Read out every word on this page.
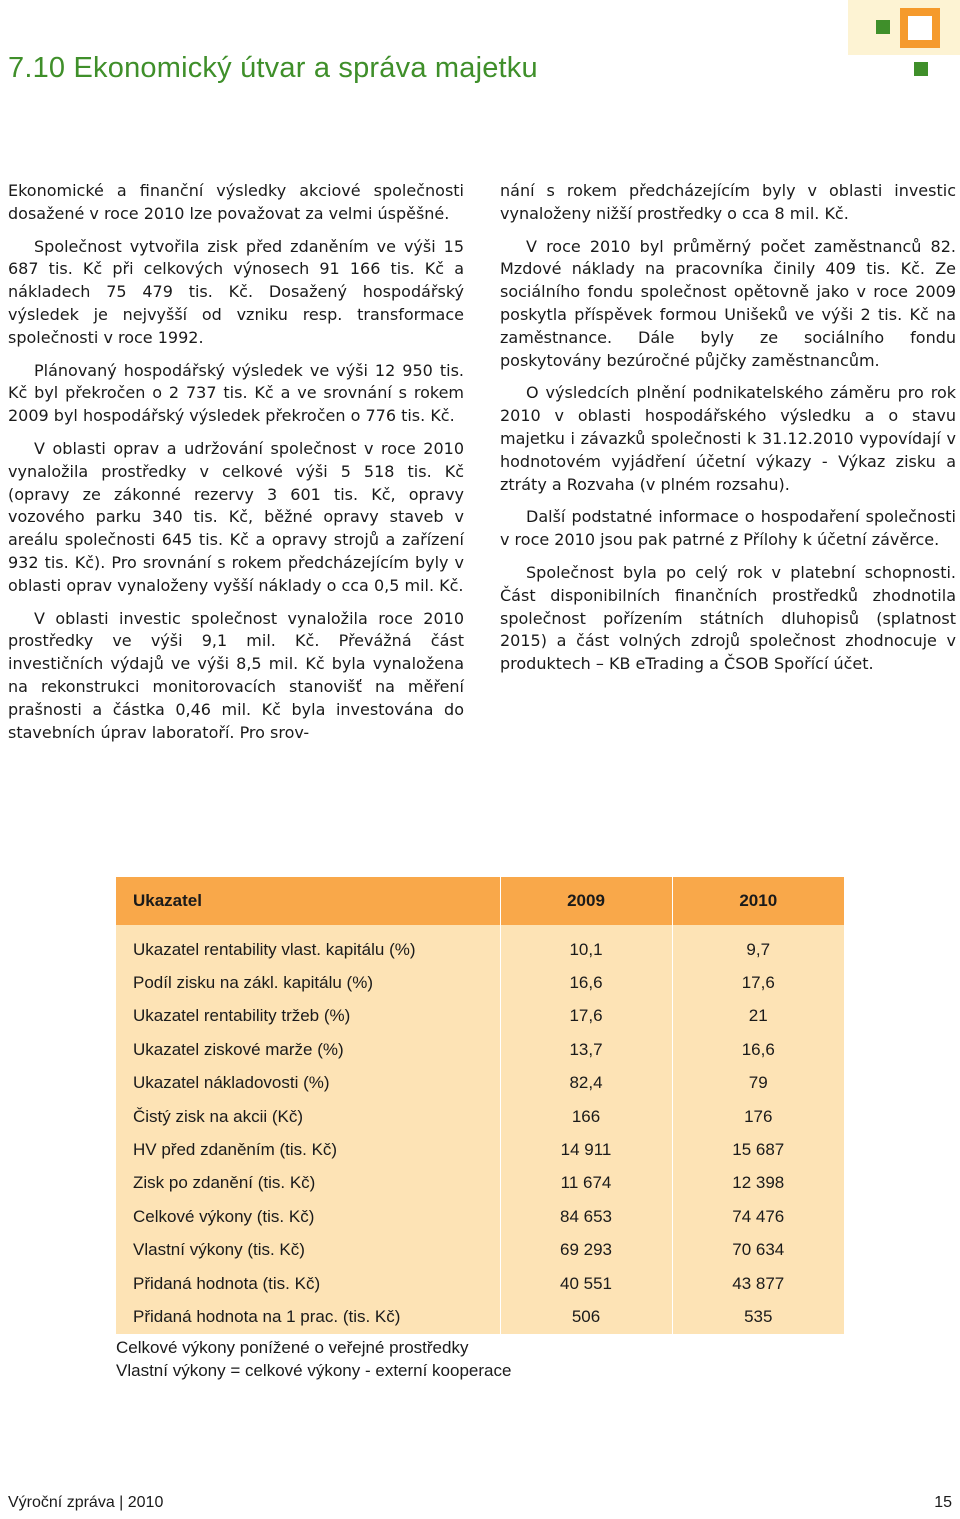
7.10 Ekonomický útvar a správa majetku

Ekonomické a finanční výsledky akciové společnosti dosažené v roce 2010 lze považovat za velmi úspěšné.

Společnost vytvořila zisk před zdaněním ve výši 15 687 tis. Kč při celkových výnosech 91 166 tis. Kč a nákladech 75 479 tis. Kč. Dosažený hospodářský výsledek je nejvyšší od vzniku resp. transformace společnosti v roce 1992.

Plánovaný hospodářský výsledek ve výši 12 950 tis. Kč byl překročen o 2 737 tis. Kč a ve srovnání s rokem 2009 byl hospodářský výsledek překročen o 776 tis. Kč.

V oblasti oprav a udržování společnost v roce 2010 vynaložila prostředky v celkové výši 5 518 tis. Kč (opravy ze zákonné rezervy 3 601 tis. Kč, opravy vozového parku 340 tis. Kč, běžné opravy staveb v areálu společnosti 645 tis. Kč a opravy strojů a zařízení 932 tis. Kč). Pro srovnání s rokem předcházejícím byly v oblasti oprav vynaloženy vyšší náklady o cca 0,5 mil. Kč.

V oblasti investic společnost vynaložila roce 2010 prostředky ve výši 9,1 mil. Kč. Převážná část investičních výdajů ve výši 8,5 mil. Kč byla vynaložena na rekonstrukci monitorovacích stanovišť na měření prašnosti a částka 0,46 mil. Kč byla investována do stavebních úprav laboratoří. Pro srov-

nání s rokem předcházejícím byly v oblasti investic vynaloženy nižší prostředky o cca 8 mil. Kč.

V roce 2010 byl průměrný počet zaměstnanců 82. Mzdové náklady na pracovníka činily 409 tis. Kč. Ze sociálního fondu společnost opětovně jako v roce 2009 poskytla příspěvek formou Unišeků ve výši 2 tis. Kč na zaměstnance. Dále byly ze sociálního fondu poskytovány bezúročné půjčky zaměstnancům.

O výsledcích plnění podnikatelského záměru pro rok 2010 v oblasti hospodářského výsledku a o stavu majetku i závazků společnosti k 31.12.2010 vypovídají v hodnotovém vyjádření účetní výkazy - Výkaz zisku a ztráty a Rozvaha (v plném rozsahu).

Další podstatné informace o hospodaření společnosti v roce 2010 jsou pak patrné z Přílohy k účetní závěrce.

Společnost byla po celý rok v platební schopnosti. Část disponibilních finančních prostředků zhodnotila společnost pořízením státních dluhopisů (splatnost 2015) a část volných zdrojů společnost zhodnocuje v produktech – KB eTrading a ČSOB Spořící účet.

Ukazatel	2009	2010

Ukazatel rentability vlast. kapitálu (%)	10,1	9,7
Podíl zisku na zákl. kapitálu (%)	16,6	17,6
Ukazatel rentability tržeb (%)	17,6	21
Ukazatel ziskové marže (%)	13,7	16,6
Ukazatel nákladovosti (%)	82,4	79
Čistý zisk na akcii (Kč)	166	176
HV před zdaněním (tis. Kč)	14 911	15 687
Zisk po zdanění (tis. Kč)	11 674	12 398
Celkové výkony (tis. Kč)	84 653	74 476
Vlastní výkony (tis. Kč)	69 293	70 634
Přidaná hodnota (tis. Kč)	40 551	43 877
Přidaná hodnota na 1 prac. (tis. Kč)	506	535
Celkové výkony ponížené o veřejné prostředky
Vlastní výkony = celkové výkony - externí kooperace
Výroční zpráva | 2010	15
